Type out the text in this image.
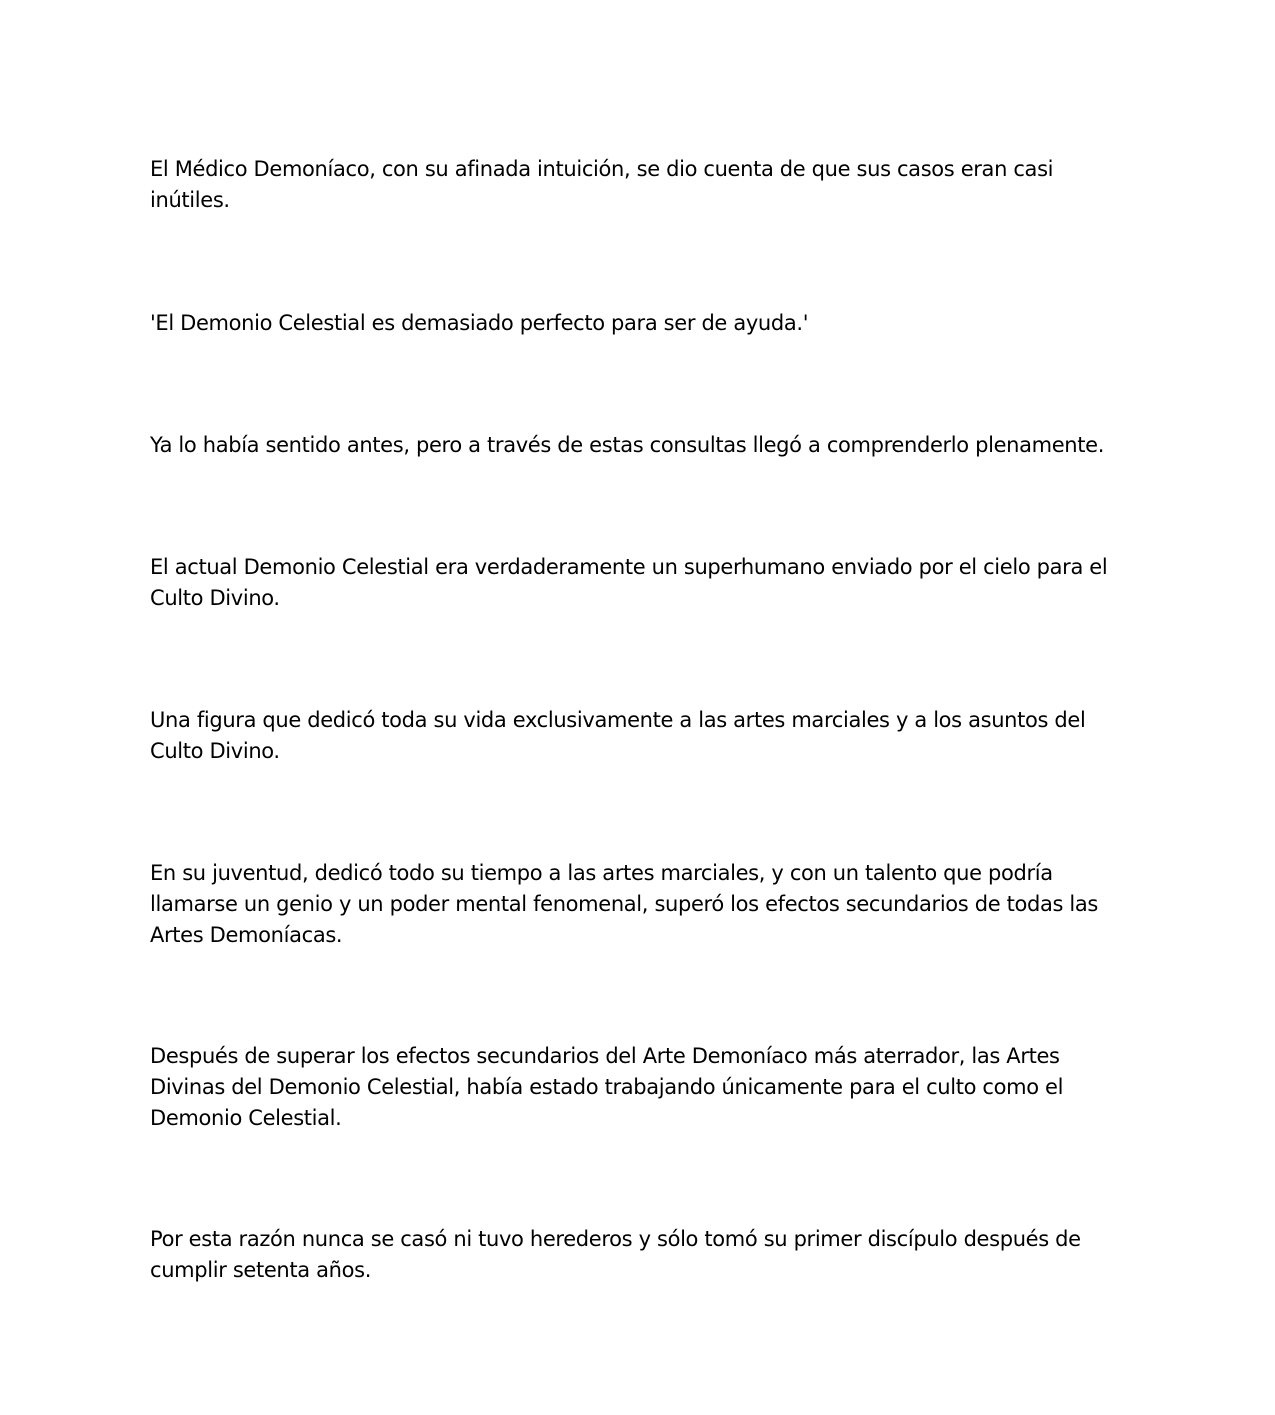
El Médico Demoníaco, con su afinada intuición, se dio cuenta de que sus casos eran casi inútiles.

'El Demonio Celestial es demasiado perfecto para ser de ayuda.'

Ya lo había sentido antes, pero a través de estas consultas llegó a comprenderlo plenamente.

El actual Demonio Celestial era verdaderamente un superhumano enviado por el cielo para el Culto Divino.

Una figura que dedicó toda su vida exclusivamente a las artes marciales y a los asuntos del Culto Divino.

En su juventud, dedicó todo su tiempo a las artes marciales, y con un talento que podría llamarse un genio y un poder mental fenomenal, superó los efectos secundarios de todas las Artes Demoníacas.

Después de superar los efectos secundarios del Arte Demoníaco más aterrador, las Artes Divinas del Demonio Celestial, había estado trabajando únicamente para el culto como el Demonio Celestial.

Por esta razón nunca se casó ni tuvo herederos y sólo tomó su primer discípulo después de cumplir setenta años.
